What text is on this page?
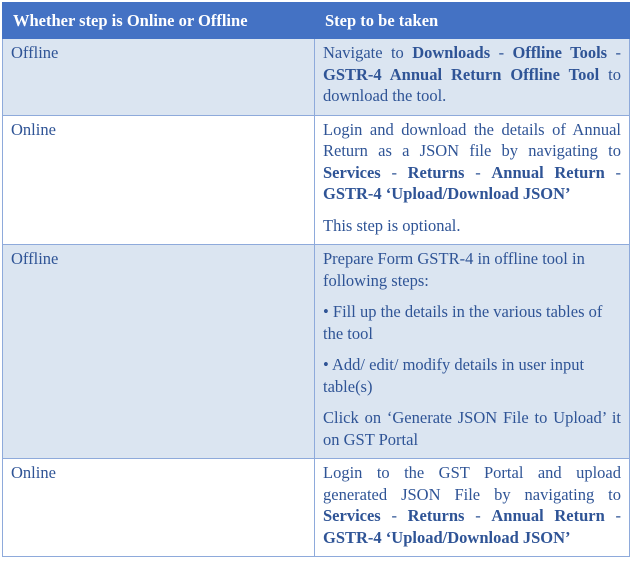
Whether step is Online or Offline	Step to be taken
Offline	Navigate to Downloads - Offline Tools - GSTR-4 Annual Return Offline Tool to download the tool.

Online	Login and download the details of Annual Return as a JSON file by navigating to Services - Returns - Annual Return - GSTR-4 ‘Upload/Download JSON’

This step is optional.

Offline	Prepare Form GSTR-4 in offline tool in following steps:

• Fill up the details in the various tables of the tool

• Add/ edit/ modify details in user input table(s)

Click on ‘Generate JSON File to Upload’ it on GST Portal

Online	Login to the GST Portal and upload generated JSON File by navigating to Services - Returns - Annual Return - GSTR-4 ‘Upload/Download JSON’
